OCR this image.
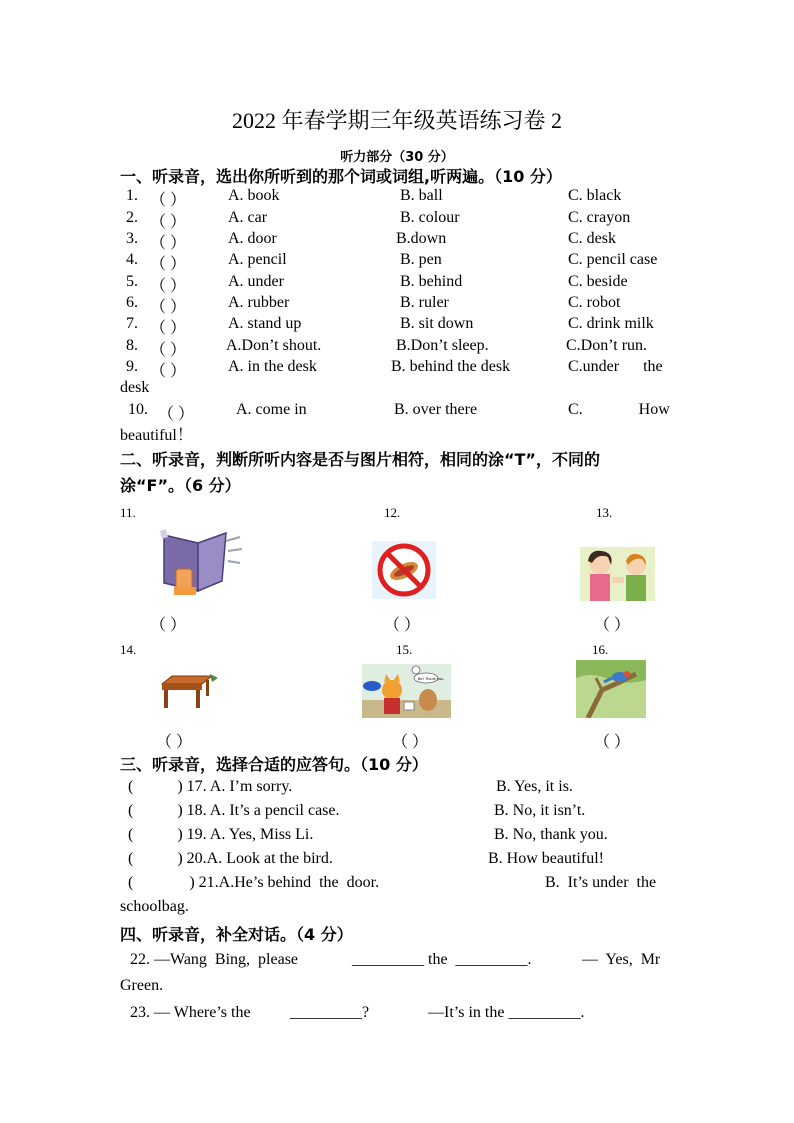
2022 年春学期三年级英语练习卷 2
听力部分（30 分）
一、听录音，选出你所听到的那个词或词组,听两遍。（10 分）
1. （ ）	A. book	B. ball	C. black
2. （ ）	A. car	B. colour	C. crayon
3. （ ）	A. door	B.down	C. desk
4. （ ）	A. pencil	B. pen	C. pencil case
5. （ ）	A. under	B. behind	C. beside
6. （ ）	A. rubber	B. ruler	C. robot
7. （ ）	A. stand up	B. sit down	C. drink milk
8. （ ） A.Don’t shout.	B.Don’t sleep.	C.Don’t run.
9. （ ）	A. in the desk	B. behind the desk	C.under      the
desk
10. （ ）	A. come in	B. over there	C.              How
beautiful！
二、听录音，判断所听内容是否与图片相符，相同的涂“T”，不同的
涂“F”。（6 分）
11.	12.	13.
14.	15.	16.
Be! Thank you.
（ ）	（ ）	（ ）
（ ）	（ ）	（ ）
三、听录音，选择合适的应答句。（10 分）
(           ) 17. A. I’m sorry.	B. Yes, it is.
(           ) 18. A. It’s a pencil case.	B. No, it isn’t.
(           ) 19. A. Yes, Miss Li.	B. No, thank you.
(           ) 20.A. Look at the bird.	B. How beautiful!
(              ) 21.A.He’s behind  the  door.	B.  It’s under  the
schoolbag.
四、听录音，补全对话。（4 分）
22. —Wang  Bing,  please	_________ the  _________.	—  Yes,  Mr
Green.
23. — Where’s the _________?	—It’s in the _________.
